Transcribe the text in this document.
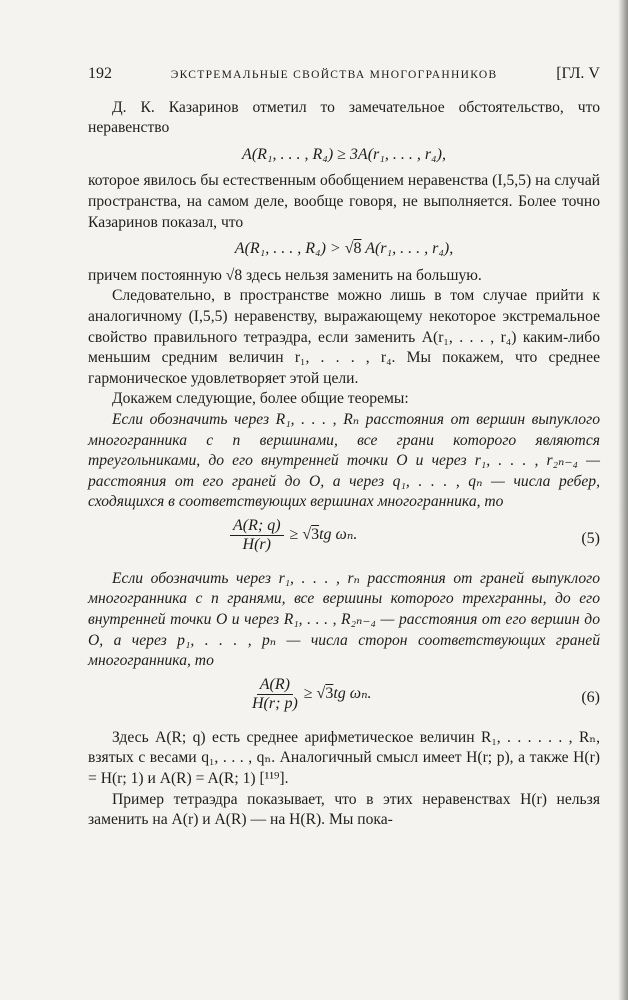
192	ЭКСТРЕМАЛЬНЫЕ СВОЙСТВА МНОГОГРАННИКОВ	[ГЛ. V

Д. К. Казаринов отметил то замечательное обстоятельство, что неравенство

A(R₁, . . . , R₄) ≥ 3A(r₁, . . . , r₄),

которое явилось бы естественным обобщением неравенства (I,5,5) на случай пространства, на самом деле, вообще говоря, не выполняется. Более точно Казаринов показал, что

A(R₁, . . . , R₄) > √8 A(r₁, . . . , r₄),

причем постоянную √8 здесь нельзя заменить на большую.

Следовательно, в пространстве можно лишь в том случае прийти к аналогичному (I,5,5) неравенству, выражающему некоторое экстремальное свойство правильного тетраэдра, если заменить A(r₁, . . . , r₄) каким-либо меньшим средним величин r₁, . . . , r₄. Мы покажем, что среднее гармоническое удовлетворяет этой цели.

Докажем следующие, более общие теоремы:

Если обозначить через R₁, . . . , Rₙ расстояния от вершин выпуклого многогранника с n вершинами, все грани которого являются треугольниками, до его внутренней точки O и через r₁, . . . , r₂ₙ₋₄ — расстояния от его граней до O, а через q₁, . . . , qₙ — числа ребер, сходящихся в соответствующих вершинах многогранника, то

$\frac{A(R; q)}{H(r)}$ ≥
√3 tg ωₙ.	(5)

Если обозначить через r₁, . . . , rₙ расстояния от граней выпуклого многогранника с n гранями, все вершины которого трехгранны, до его внутренней точки O и через R₁, . . . , R₂ₙ₋₄ — расстояния от его вершин до O, а через p₁, . . . , pₙ — числа сторон соответствующих граней многогранника, то

$\frac{A(R)}{H(r; p)}$ ≥
√3 tg ωₙ.	(6)

Здесь A(R; q) есть среднее арифметическое величин R₁, . . . . . . , Rₙ, взятых с весами q₁, . . . , qₙ. Аналогичный смысл имеет H(r; p), а также H(r) = H(r; 1) и A(R) = A(R; 1) [¹¹⁹].

Пример тетраэдра показывает, что в этих неравенствах H(r) нельзя заменить на A(r) и A(R) — на H(R). Мы пока-
